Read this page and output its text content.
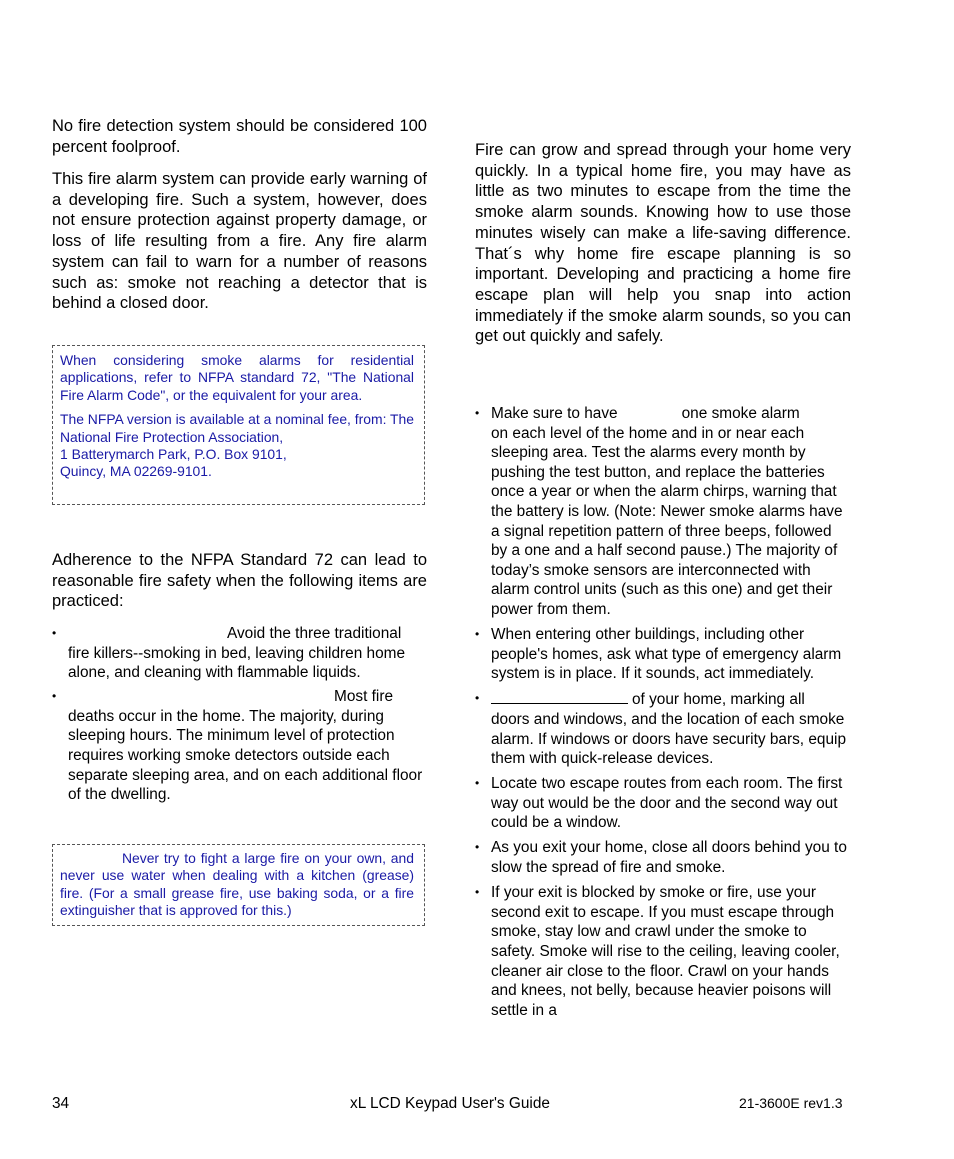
No fire detection system should be considered 100 percent foolproof.

This fire alarm system can provide early warning of a developing fire. Such a system, however, does not ensure protection against property damage, or loss of life resulting from a fire. Any fire alarm system can fail to warn for a number of reasons such as: smoke not reaching a detector that is behind a closed door.

When considering smoke alarms for residential applications, refer to NFPA standard 72, "The National Fire Alarm Code", or the equivalent for your area.

The NFPA version is available at a nominal fee, from: The National Fire Protection Association,
1 Batterymarch Park, P.O. Box 9101,
Quincy, MA 02269-9101.

Adherence to the NFPA Standard 72 can lead to reasonable fire safety when the following items are practiced:

•	Avoid the three traditional
fire killers--smoking in bed, leaving children home alone, and cleaning with flammable liquids.
•	Most fire
deaths occur in the home. The majority, during sleeping hours. The minimum level of protection requires working smoke detectors outside each separate sleeping area, and on each additional floor of the dwelling.

Never try to fight a large fire on your own, and never use water when dealing with a kitchen (grease) fire. (For a small grease fire, use baking soda, or a fire extinguisher that is approved for this.)

Fire can grow and spread through your home very quickly. In a typical home fire, you may have as little as two minutes to escape from the time the smoke alarm sounds. Knowing how to use those minutes wisely can make a life-saving difference. That´s why home fire escape planning is so important. Developing and practicing a home fire escape plan will help you snap into action immediately if the smoke alarm sounds, so you can get out quickly and safely.

• Make sure to have	one smoke alarm
on each level of the home and in or near each sleeping area. Test the alarms every month by pushing the test button, and replace the batteries once a year or when the alarm chirps, warning that the battery is low. (Note: Newer smoke alarms have a signal repetition pattern of three beeps, followed by a one and a half second pause.) The majority of today’s smoke sensors are interconnected with alarm control units (such as this one) and get their power from them.
• When entering other buildings, including other people's homes, ask what type of emergency alarm system is in place. If it sounds, act immediately.
•	of your home, marking all
doors and windows, and the location of each smoke alarm. If windows or doors have security bars, equip them with quick-release devices.
• Locate two escape routes from each room. The first way out would be the door and the second way out could be a window.
• As you exit your home, close all doors behind you to slow the spread of fire and smoke.
• If your exit is blocked by smoke or fire, use your second exit to escape. If you must escape through smoke, stay low and crawl under the smoke to safety. Smoke will rise to the ceiling, leaving cooler, cleaner air close to the floor. Crawl on your hands and knees, not belly, because heavier poisons will settle in a
34	xL LCD Keypad User's Guide	21-3600E rev1.3
